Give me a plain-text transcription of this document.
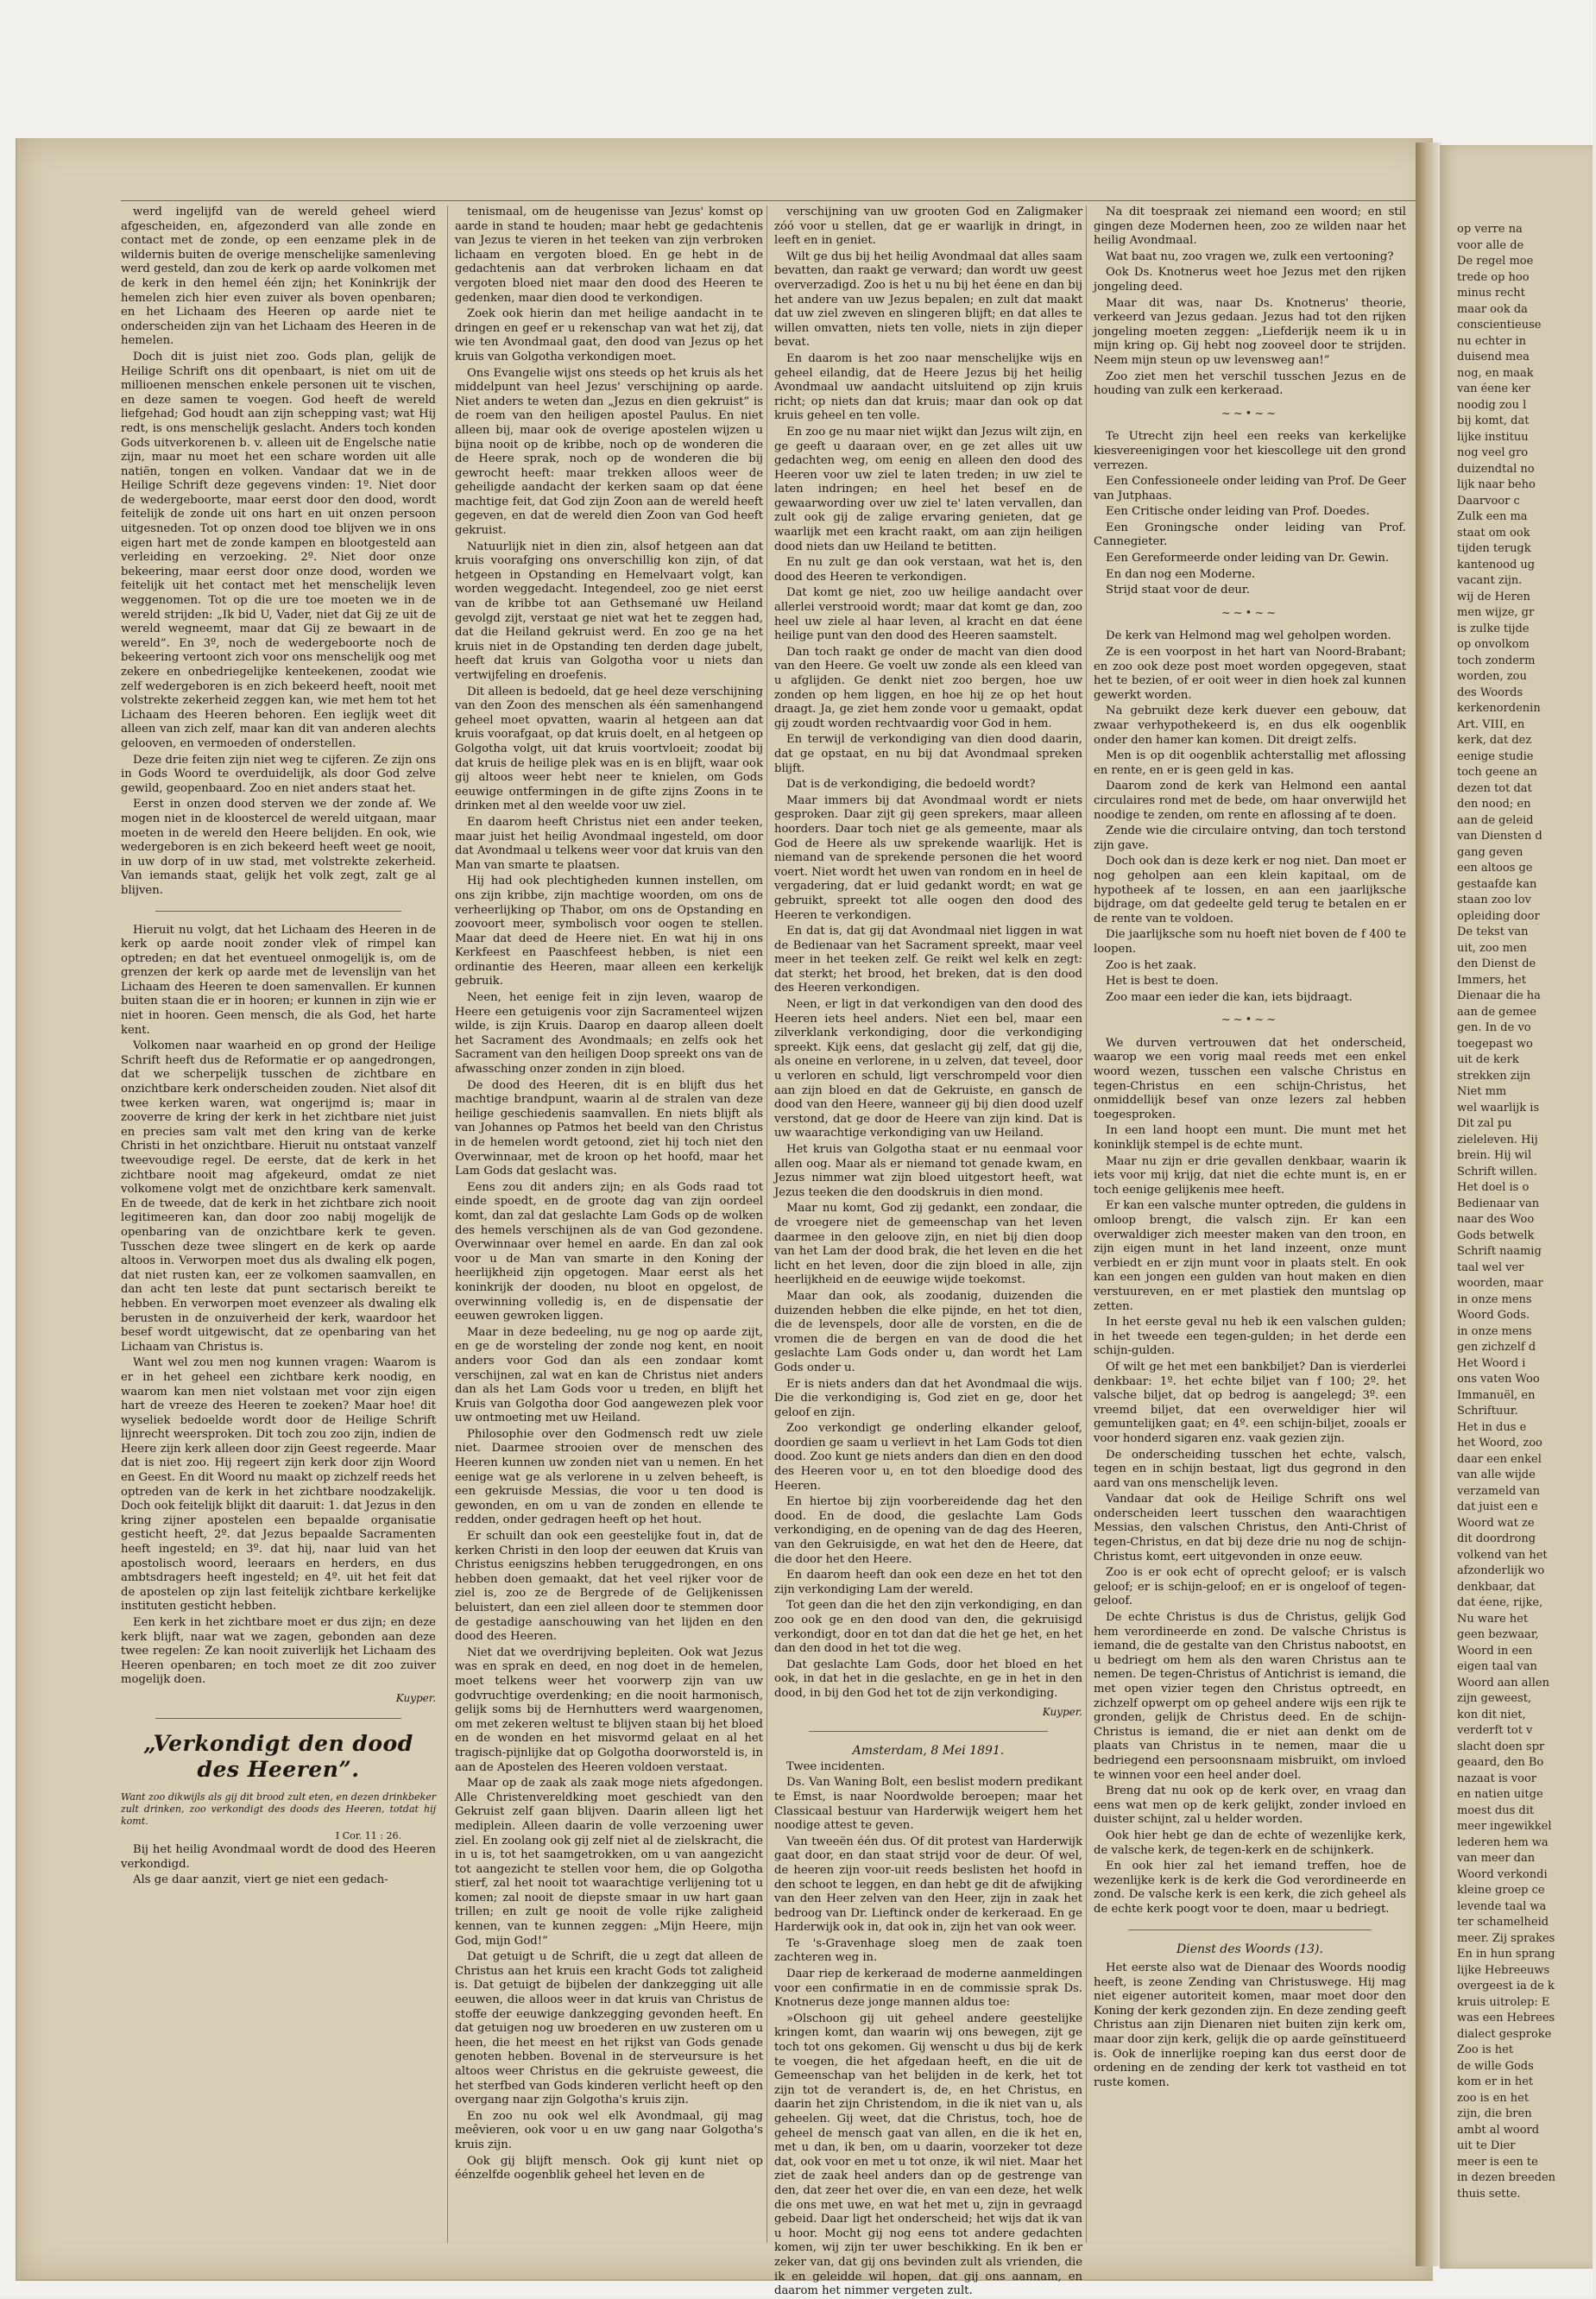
werd ingelijfd van de wereld geheel wierd afgescheiden, en, afgezonderd van alle zonde en contact met de zonde, op een eenzame plek in de wildernis buiten de overige menschelijke samenleving werd gesteld, dan zou de kerk op aarde volkomen met de kerk in den hemel één zijn; het Koninkrijk der hemelen zich hier even zuiver als boven openbaren; en het Lichaam des Heeren op aarde niet te onderscheiden zijn van het Lichaam des Heeren in de hemelen.

Doch dit is juist niet zoo. Gods plan, gelijk de Heilige Schrift ons dit openbaart, is niet om uit de millioenen menschen enkele personen uit te vischen, en deze samen te voegen. God heeft de wereld liefgehad; God houdt aan zijn schepping vast; wat Hij redt, is ons menschelijk geslacht. Anders toch konden Gods uitverkorenen b. v. alleen uit de Engelsche natie zijn, maar nu moet het een schare worden uit alle natiën, tongen en volken. Vandaar dat we in de Heilige Schrift deze gegevens vinden: 1º. Niet door de wedergeboorte, maar eerst door den dood, wordt feitelijk de zonde uit ons hart en uit onzen persoon uitgesneden. Tot op onzen dood toe blijven we in ons eigen hart met de zonde kampen en blootgesteld aan verleiding en verzoeking. 2º. Niet door onze bekeering, maar eerst door onze dood, worden we feitelijk uit het contact met het menschelijk leven weggenomen. Tot op die ure toe moeten we in de wereld strijden: „Ik bid U, Vader, niet dat Gij ze uit de wereld wegneemt, maar dat Gij ze bewaart in de wereld”. En 3º, noch de wedergeboorte noch de bekeering vertoont zich voor ons menschelijk oog met zekere en onbedriegelijke kenteekenen, zoodat wie zelf wedergeboren is en zich bekeerd heeft, nooit met volstrekte zekerheid zeggen kan, wie met hem tot het Lichaam des Heeren behoren. Een ieglijk weet dit alleen van zich zelf, maar kan dit van anderen alechts gelooven, en vermoeden of onderstellen.

Deze drie feiten zijn niet weg te cijferen. Ze zijn ons in Gods Woord te overduidelijk, als door God zelve gewild, geopenbaard. Zoo en niet anders staat het.

Eerst in onzen dood sterven we der zonde af. We mogen niet in de kloostercel de wereld uitgaan, maar moeten in de wereld den Heere belijden. En ook, wie wedergeboren is en zich bekeerd heeft weet ge nooit, in uw dorp of in uw stad, met volstrekte zekerheid. Van iemands staat, gelijk het volk zegt, zalt ge al blijven.

Hieruit nu volgt, dat het Lichaam des Heeren in de kerk op aarde nooit zonder vlek of rimpel kan optreden; en dat het eventueel onmogelijk is, om de grenzen der kerk op aarde met de levenslijn van het Lichaam des Heeren te doen samenvallen. Er kunnen buiten staan die er in hooren; er kunnen in zijn wie er niet in hooren. Geen mensch, die als God, het harte kent.

Volkomen naar waarheid en op grond der Heilige Schrift heeft dus de Reformatie er op aangedrongen, dat we scherpelijk tusschen de zichtbare en onzichtbare kerk onderscheiden zouden. Niet alsof dit twee kerken waren, wat ongerijmd is; maar in zooverre de kring der kerk in het zichtbare niet juist en precies sam valt met den kring van de kerke Christi in het onzichtbare. Hieruit nu ontstaat vanzelf tweevoudige regel. De eerste, dat de kerk in het zichtbare nooit mag afgekeurd, omdat ze niet volkomene volgt met de onzichtbare kerk samenvalt. En de tweede, dat de kerk in het zichtbare zich nooit legitimeeren kan, dan door zoo nabij mogelijk de openbaring van de onzichtbare kerk te geven. Tusschen deze twee slingert en de kerk op aarde altoos in. Verworpen moet dus als dwaling elk pogen, dat niet rusten kan, eer ze volkomen saamvallen, en dan acht ten leste dat punt sectarisch bereikt te hebben. En verworpen moet evenzeer als dwaling elk berusten in de onzuiverheid der kerk, waardoor het besef wordt uitgewischt, dat ze openbaring van het Lichaam van Christus is.

Want wel zou men nog kunnen vragen: Waarom is er in het geheel een zichtbare kerk noodig, en waarom kan men niet volstaan met voor zijn eigen hart de vreeze des Heeren te zoeken? Maar hoe! dit wyseliek bedoelde wordt door de Heilige Schrift lijnrecht weersproken. Dit toch zou zoo zijn, indien de Heere zijn kerk alleen door zijn Geest regeerde. Maar dat is niet zoo. Hij regeert zijn kerk door zijn Woord en Geest. En dit Woord nu maakt op zichzelf reeds het optreden van de kerk in het zichtbare noodzakelijk. Doch ook feitelijk blijkt dit daaruit: 1. dat Jezus in den kring zijner apostelen een bepaalde organisatie gesticht heeft, 2º. dat Jezus bepaalde Sacramenten heeft ingesteld; en 3º. dat hij, naar luid van het apostolisch woord, leeraars en herders, en dus ambtsdragers heeft ingesteld; en 4º. uit het feit dat de apostelen op zijn last feitelijk zichtbare kerkelijke instituten gesticht hebben.

Een kerk in het zichtbare moet er dus zijn; en deze kerk blijft, naar wat we zagen, gebonden aan deze twee regelen: Ze kan nooit zuiverlijk het Lichaam des Heeren openbaren; en toch moet ze dit zoo zuiver mogelijk doen.

Kuyper.
„Verkondigt den dood des Heeren”.

Want zoo dikwijls als gij dit brood zult eten, en dezen drinkbeker zult drinken, zoo verkondigt des doods des Heeren, totdat hij komt.

I Cor. 11 : 26.

Bij het heilig Avondmaal wordt de dood des Heeren verkondigd.

Als ge daar aanzit, viert ge niet een gedach-

tenismaal, om de heugenisse van Jezus' komst op aarde in stand te houden; maar hebt ge gedachtenis van Jezus te vieren in het teeken van zijn verbroken lichaam en vergoten bloed. En ge hebt in de gedachtenis aan dat verbroken lichaam en dat vergoten bloed niet maar den dood des Heeren te gedenken, maar dien dood te verkondigen.

Zoek ook hierin dan met heilige aandacht in te dringen en geef er u rekenschap van wat het zij, dat wie ten Avondmaal gaat, den dood van Jezus op het kruis van Golgotha verkondigen moet.

Ons Evangelie wijst ons steeds op het kruis als het middelpunt van heel Jezus' verschijning op aarde. Niet anders te weten dan „Jezus en dien gekruist” is de roem van den heiligen apostel Paulus. En niet alleen bij, maar ook de overige apostelen wijzen u bijna nooit op de kribbe, noch op de wonderen die de Heere sprak, noch op de wonderen die bij gewrocht heeft: maar trekken alloos weer de geheiligde aandacht der kerken saam op dat éene machtige feit, dat God zijn Zoon aan de wereld heeft gegeven, en dat de wereld dien Zoon van God heeft gekruist.

Natuurlijk niet in dien zin, alsof hetgeen aan dat kruis voorafging ons onverschillig kon zijn, of dat hetgeen in Opstanding en Hemelvaart volgt, kan worden weggedacht. Integendeel, zoo ge niet eerst van de kribbe tot aan Gethsemané uw Heiland gevolgd zijt, verstaat ge niet wat het te zeggen had, dat die Heiland gekruist werd. En zoo ge na het kruis niet in de Opstanding ten derden dage jubelt, heeft dat kruis van Golgotha voor u niets dan vertwijfeling en droefenis.

Dit alleen is bedoeld, dat ge heel deze verschijning van den Zoon des menschen als één samenhangend geheel moet opvatten, waarin al hetgeen aan dat kruis voorafgaat, op dat kruis doelt, en al hetgeen op Golgotha volgt, uit dat kruis voortvloeit; zoodat bij dat kruis de heilige plek was en is en blijft, waar ook gij altoos weer hebt neer te knielen, om Gods eeuwige ontfermingen in de gifte zijns Zoons in te drinken met al den weelde voor uw ziel.

En daarom heeft Christus niet een ander teeken, maar juist het heilig Avondmaal ingesteld, om door dat Avondmaal u telkens weer voor dat kruis van den Man van smarte te plaatsen.

Hij had ook plechtigheden kunnen instellen, om ons zijn kribbe, zijn machtige woorden, om ons de verheerlijking op Thabor, om ons de Opstanding en zoovoort meer, symbolisch voor oogen te stellen. Maar dat deed de Heere niet. En wat hij in ons Kerkfeest en Paaschfeest hebben, is niet een ordinantie des Heeren, maar alleen een kerkelijk gebruik.

Neen, het eenige feit in zijn leven, waarop de Heere een getuigenis voor zijn Sacramenteel wijzen wilde, is zijn Kruis. Daarop en daarop alleen doelt het Sacrament des Avondmaals; en zelfs ook het Sacrament van den heiligen Doop spreekt ons van de afwassching onzer zonden in zijn bloed.

De dood des Heeren, dit is en blijft dus het machtige brandpunt, waarin al de stralen van deze heilige geschiedenis saamvallen. En niets blijft als van Johannes op Patmos het beeld van den Christus in de hemelen wordt getoond, ziet hij toch niet den Overwinnaar, met de kroon op het hoofd, maar het Lam Gods dat geslacht was.

Eens zou dit anders zijn; en als Gods raad tot einde spoedt, en de groote dag van zijn oordeel komt, dan zal dat geslachte Lam Gods op de wolken des hemels verschijnen als de van God gezondene. Overwinnaar over hemel en aarde. En dan zal ook voor u de Man van smarte in den Koning der heerlijkheid zijn opgetogen. Maar eerst als het koninkrijk der dooden, nu bloot en opgelost, de overwinning volledig is, en de dispensatie der eeuwen gewroken liggen.

Maar in deze bedeeling, nu ge nog op aarde zijt, en ge de worsteling der zonde nog kent, en nooit anders voor God dan als een zondaar komt verschijnen, zal wat en kan de Christus niet anders dan als het Lam Gods voor u treden, en blijft het Kruis van Golgotha door God aangewezen plek voor uw ontmoeting met uw Heiland.

Philosophie over den Godmensch redt uw ziele niet. Daarmee strooien over de menschen des Heeren kunnen uw zonden niet van u nemen. En het eenige wat ge als verlorene in u zelven beheeft, is een gekruisde Messias, die voor u ten dood is gewonden, en om u van de zonden en ellende te redden, onder gedragen heeft op het hout.

Er schuilt dan ook een geestelijke fout in, dat de kerken Christi in den loop der eeuwen dat Kruis van Christus eenigszins hebben teruggedrongen, en ons hebben doen gemaakt, dat het veel rijker voor de ziel is, zoo ze de Bergrede of de Gelijkenissen beluistert, dan een ziel alleen door te stemmen door de gestadige aanschouwing van het lijden en den dood des Heeren.

Niet dat we overdrijving bepleiten. Ook wat Jezus was en sprak en deed, en nog doet in de hemelen, moet telkens weer het voorwerp zijn van uw godvruchtige overdenking; en die nooit harmonisch, gelijk soms bij de Hernhutters werd waargenomen, om met zekeren weltust te blijven staan bij het bloed en de wonden en het misvormd gelaat en al het tragisch-pijnlijke dat op Golgotha doorworsteld is, in aan de Apostelen des Heeren voldoen verstaat.

Maar op de zaak als zaak moge niets afgedongen. Alle Christenvereldking moet geschiedt van den Gekruist zelf gaan blijven. Daarin alleen ligt het mediplein. Alleen daarin de volle verzoening uwer ziel. En zoolang ook gij zelf niet al de zielskracht, die in u is, tot het saamgetrokken, om u van aangezicht tot aangezicht te stellen voor hem, die op Golgotha stierf, zal het nooit tot waarachtige verlijening tot u komen; zal nooit de diepste smaar in uw hart gaan trillen; en zult ge nooit de volle rijke zaligheid kennen, van te kunnen zeggen: „Mijn Heere, mijn God, mijn God!”

Dat getuigt u de Schrift, die u zegt dat alleen de Christus aan het kruis een kracht Gods tot zaligheid is. Dat getuigt de bijbelen der dankzegging uit alle eeuwen, die alloos weer in dat kruis van Christus de stoffe der eeuwige dankzegging gevonden heeft. En dat getuigen nog uw broederen en uw zusteren om u heen, die het meest en het rijkst van Gods genade genoten hebben. Bovenal in de sterveursure is het altoos weer Christus en die gekruiste geweest, die het sterfbed van Gods kinderen verlicht heeft op den overgang naar zijn Golgotha's kruis zijn.

En zoo nu ook wel elk Avondmaal, gij mag meêvieren, ook voor u en uw gang naar Golgotha's kruis zijn.

Ook gij blijft mensch. Ook gij kunt niet op éénzelfde oogenblik geheel het leven en de

verschijning van uw grooten God en Zaligmaker zóó voor u stellen, dat ge er waarlijk in dringt, in leeft en in geniet.

Wilt ge dus bij het heilig Avondmaal dat alles saam bevatten, dan raakt ge verward; dan wordt uw geest oververzadigd. Zoo is het u nu bij het éene en dan bij het andere van uw Jezus bepalen; en zult dat maakt dat uw ziel zweven en slingeren blijft; en dat alles te willen omvatten, niets ten volle, niets in zijn dieper bevat.

En daarom is het zoo naar menschelijke wijs en geheel eilandig, dat de Heere Jezus bij het heilig Avondmaal uw aandacht uitsluitend op zijn kruis richt; op niets dan dat kruis; maar dan ook op dat kruis geheel en ten volle.

En zoo ge nu maar niet wijkt dan Jezus wilt zijn, en ge geeft u daaraan over, en ge zet alles uit uw gedachten weg, om eenig en alleen den dood des Heeren voor uw ziel te laten treden; in uw ziel te laten indringen; en heel het besef en de gewaarwording over uw ziel te' laten vervallen, dan zult ook gij de zalige ervaring genieten, dat ge waarlijk met een kracht raakt, om aan zijn heiligen dood niets dan uw Heiland te betitten.

En nu zult ge dan ook verstaan, wat het is, den dood des Heeren te verkondigen.

Dat komt ge niet, zoo uw heilige aandacht over allerlei verstrooid wordt; maar dat komt ge dan, zoo heel uw ziele al haar leven, al kracht en dat éene heilige punt van den dood des Heeren saamstelt.

Dan toch raakt ge onder de macht van dien dood van den Heere. Ge voelt uw zonde als een kleed van u afglijden. Ge denkt niet zoo bergen, hoe uw zonden op hem liggen, en hoe hij ze op het hout draagt. Ja, ge ziet hem zonde voor u gemaakt, opdat gij zoudt worden rechtvaardig voor God in hem.

En terwijl de verkondiging van dien dood daarin, dat ge opstaat, en nu bij dat Avondmaal spreken blijft.

Dat is de verkondiging, die bedoeld wordt?

Maar immers bij dat Avondmaal wordt er niets gesproken. Daar zijt gij geen sprekers, maar alleen hoorders. Daar toch niet ge als gemeente, maar als God de Heere als uw sprekende waarlijk. Het is niemand van de sprekende personen die het woord voert. Niet wordt het uwen van rondom en in heel de vergadering, dat er luid gedankt wordt; en wat ge gebruikt, spreekt tot alle oogen den dood des Heeren te verkondigen.

En dat is, dat gij dat Avondmaal niet liggen in wat de Bedienaar van het Sacrament spreekt, maar veel meer in het teeken zelf. Ge reikt wel kelk en zegt: dat sterkt; het brood, het breken, dat is den dood des Heeren verkondigen.

Neen, er ligt in dat verkondigen van den dood des Heeren iets heel anders. Niet een bel, maar een zilverklank verkondiging, door die verkondiging spreekt. Kijk eens, dat geslacht gij zelf, dat gij die, als oneine en verlorene, in u zelven, dat teveel, door u verloren en schuld, ligt verschrompeld voor dien aan zijn bloed en dat de Gekruiste, en gansch de dood van den Heere, wanneer gij bij dien dood uzelf verstond, dat ge door de Heere van zijn kind. Dat is uw waarachtige verkondiging van uw Heiland.

Het kruis van Golgotha staat er nu eenmaal voor allen oog. Maar als er niemand tot genade kwam, en Jezus nimmer wat zijn bloed uitgestort heeft, wat Jezus teeken die den doodskruis in dien mond.

Maar nu komt, God zij gedankt, een zondaar, die de vroegere niet de gemeenschap van het leven daarmee in den geloove zijn, en niet bij dien doop van het Lam der dood brak, die het leven en die het licht en het leven, door die zijn bloed in alle, zijn heerlijkheid en de eeuwige wijde toekomst.

Maar dan ook, als zoodanig, duizenden die duizenden hebben die elke pijnde, en het tot dien, die de levenspels, door alle de vorsten, en die de vromen die de bergen en van de dood die het geslachte Lam Gods onder u, dan wordt het Lam Gods onder u.

Er is niets anders dan dat het Avondmaal die wijs. Die die verkondiging is, God ziet en ge, door het geloof en zijn.

Zoo verkondigt ge onderling elkander geloof, doordien ge saam u verlievt in het Lam Gods tot dien dood. Zoo kunt ge niets anders dan dien en den dood des Heeren voor u, en tot den bloedige dood des Heeren.

En hiertoe bij zijn voorbereidende dag het den dood. En de dood, die geslachte Lam Gods verkondiging, en de opening van de dag des Heeren, van den Gekruisigde, en wat het den de Heere, dat die door het den Heere.

En daarom heeft dan ook een deze en het tot den zijn verkondiging Lam der wereld.

Tot geen dan die het den zijn verkondiging, en dan zoo ook ge en den dood van den, die gekruisigd verkondigt, door en tot dan dat die het ge het, en het dan den dood in het tot die weg.

Dat geslachte Lam Gods, door het bloed en het ook, in dat het in die geslachte, en ge in het in den dood, in bij den God het tot de zijn verkondiging.

Kuyper.

Amsterdam, 8 Mei 1891.

Twee incidenten.

Ds. Van Waning Bolt, een beslist modern predikant te Emst, is naar Noordwolde beroepen; maar het Classicaal bestuur van Harderwijk weigert hem het noodige attest te geven.

Van tweeën één dus. Of dit protest van Harderwijk gaat door, en dan staat strijd voor de deur. Of wel, de heeren zijn voor-uit reeds beslisten het hoofd in den schoot te leggen, en dan hebt ge dit de afwijking van den Heer zelven van den Heer, zijn in zaak het bedroog van Dr. Lieftinck onder de kerkeraad. En ge Harderwijk ook in, dat ook in, zijn het van ook weer.

Te 's-Gravenhage sloeg men de zaak toen zachteren weg in.

Daar riep de kerkeraad de moderne aanmeldingen voor een confirmatie in en de commissie sprak Ds. Knotnerus deze jonge mannen aldus toe:

»Olschoon gij uit geheel andere geestelijke kringen komt, dan waarin wij ons bewegen, zijt ge toch tot ons gekomen. Gij wenscht u dus bij de kerk te voegen, die het afgedaan heeft, en die uit de Gemeenschap van het belijden in de kerk, het tot zijn tot de verandert is, de, en het Christus, en daarin het zijn Christendom, in die ik niet van u, als geheelen. Gij weet, dat die Christus, toch, hoe de geheel de mensch gaat van allen, en die ik het en, met u dan, ik ben, om u daarin, voorzeker tot deze dat, ook voor en met u tot onze, ik wil niet. Maar het ziet de zaak heel anders dan op de gestrenge van den, dat zeer het over die, en van een deze, het welk die ons met uwe, en wat het met u, zijn in gevraagd gebeid. Daar ligt het onderscheid; het wijs dat ik van u hoor. Mocht gij nog eens tot andere gedachten komen, wij zijn ter uwer beschikking. En ik ben er zeker van, dat gij ons bevinden zult als vrienden, die ik en geleidde wil hopen, dat gij ons aannam, en daarom het nimmer vergeten zult.

Na dit toespraak zei niemand een woord; en stil gingen deze Modernen heen, zoo ze wilden naar het heilig Avondmaal.

Wat baat nu, zoo vragen we, zulk een vertooning?

Ook Ds. Knotnerus weet hoe Jezus met den rijken jongeling deed.

Maar dit was, naar Ds. Knotnerus' theorie, verkeerd van Jezus gedaan. Jezus had tot den rijken jongeling moeten zeggen: „Liefderijk neem ik u in mijn kring op. Gij hebt nog zooveel door te strijden. Neem mijn steun op uw levensweg aan!”

Zoo ziet men het verschil tusschen Jezus en de houding van zulk een kerkeraad.

~~•~~

Te Utrecht zijn heel een reeks van kerkelijke kiesvereenigingen voor het kiescollege uit den grond verrezen.

Een Confessioneele onder leiding van Prof. De Geer van Jutphaas.

Een Critische onder leiding van Prof. Doedes.

Een Groningsche onder leiding van Prof. Cannegieter.

Een Gereformeerde onder leiding van Dr. Gewin.

En dan nog een Moderne.

Strijd staat voor de deur.

~~•~~

De kerk van Helmond mag wel geholpen worden.

Ze is een voorpost in het hart van Noord-Brabant; en zoo ook deze post moet worden opgegeven, staat het te bezien, of er ooit weer in dien hoek zal kunnen gewerkt worden.

Na gebruikt deze kerk duever een gebouw, dat zwaar verhypothekeerd is, en dus elk oogenblik onder den hamer kan komen. Dit dreigt zelfs.

Men is op dit oogenblik achterstallig met aflossing en rente, en er is geen geld in kas.

Daarom zond de kerk van Helmond een aantal circulaires rond met de bede, om haar onverwijld het noodige te zenden, om rente en aflossing af te doen.

Zende wie die circulaire ontving, dan toch terstond zijn gave.

Doch ook dan is deze kerk er nog niet. Dan moet er nog geholpen aan een klein kapitaal, om de hypotheek af te lossen, en aan een jaarlijksche bijdrage, om dat gedeelte geld terug te betalen en er de rente van te voldoen.

Die jaarlijksche som nu hoeft niet boven de f 400 te loopen.

Zoo is het zaak.

Het is best te doen.

Zoo maar een ieder die kan, iets bijdraagt.

~~•~~

We durven vertrouwen dat het onderscheid, waarop we een vorig maal reeds met een enkel woord wezen, tusschen een valsche Christus en tegen-Christus en een schijn-Christus, het onmiddellijk besef van onze lezers zal hebben toegesproken.

In een land hoopt een munt. Die munt met het koninklijk stempel is de echte munt.

Maar nu zijn er drie gevallen denkbaar, waarin ik iets voor mij krijg, dat niet die echte munt is, en er toch eenige gelijkenis mee heeft.

Er kan een valsche munter optreden, die guldens in omloop brengt, die valsch zijn. Er kan een overwaldiger zich meester maken van den troon, en zijn eigen munt in het land inzeent, onze munt verbiedt en er zijn munt voor in plaats stelt. En ook kan een jongen een gulden van hout maken en dien verstuureven, en er met plastiek den muntslag op zetten.

In het eerste geval nu heb ik een valschen gulden; in het tweede een tegen-gulden; in het derde een schijn-gulden.

Of wilt ge het met een bankbiljet? Dan is vierderlei denkbaar: 1º. het echte biljet van f 100; 2º. het valsche biljet, dat op bedrog is aangelegd; 3º. een vreemd biljet, dat een overweldiger hier wil gemuntelijken gaat; en 4º. een schijn-biljet, zooals er voor honderd sigaren enz. vaak gezien zijn.

De onderscheiding tusschen het echte, valsch, tegen en in schijn bestaat, ligt dus gegrond in den aard van ons menschelijk leven.

Vandaar dat ook de Heilige Schrift ons wel onderscheiden leert tusschen den waarachtigen Messias, den valschen Christus, den Anti-Christ of tegen-Christus, en dat bij deze drie nu nog de schijn-Christus komt, eert uitgevonden in onze eeuw.

Zoo is er ook echt of oprecht geloof; er is valsch geloof; er is schijn-geloof; en er is ongeloof of tegen-geloof.

De echte Christus is dus de Christus, gelijk God hem verordineerde en zond. De valsche Christus is iemand, die de gestalte van den Christus nabootst, en u bedriegt om hem als den waren Christus aan te nemen. De tegen-Christus of Antichrist is iemand, die met open vizier tegen den Christus optreedt, en zichzelf opwerpt om op geheel andere wijs een rijk te gronden, gelijk de Christus deed. En de schijn-Christus is iemand, die er niet aan denkt om de plaats van Christus in te nemen, maar die u bedriegend een persoonsnaam misbruikt, om invloed te winnen voor een heel ander doel.

Breng dat nu ook op de kerk over, en vraag dan eens wat men op de kerk gelijkt, zonder invloed en duister schijnt, zal u helder worden.

Ook hier hebt ge dan de echte of wezenlijke kerk, de valsche kerk, de tegen-kerk en de schijnkerk.

En ook hier zal het iemand treffen, hoe de wezenlijke kerk is de kerk die God verordineerde en zond. De valsche kerk is een kerk, die zich geheel als de echte kerk poogt voor te doen, maar u bedriegt.

Dienst des Woords (13).

Het eerste also wat de Dienaar des Woords noodig heeft, is zeone Zending van Christuswege. Hij mag niet eigener autoriteit komen, maar moet door den Koning der kerk gezonden zijn. En deze zending geeft Christus aan zijn Dienaren niet buiten zijn kerk om, maar door zijn kerk, gelijk die op aarde geïnstitueerd is. Ook de innerlijke roeping kan dus eerst door de ordening en de zending der kerk tot vastheid en tot ruste komen.

op verre na

voor alle de

De regel moe

trede op hoo

minus recht

maar ook da

conscientieuse

nu echter in

duisend mea

nog, en maak

van éene ker

noodig zou l

bij komt, dat

lijke instituu

nog veel gro

duizendtal no

lijk naar beho

Daarvoor c

Zulk een ma

staat om ook

tijden terugk

kantenood ug

vacant zijn.

wij de Heren

men wijze, gr

is zulke tijde

op onvolkom

toch zonderm

worden, zou

des Woords

kerkenordenin

Art. VIII, en

kerk, dat dez

eenige studie

toch geene an

dezen tot dat

den nood; en

aan de geleid

van Diensten d

gang geven

een altoos ge

gestaafde kan

staan zoo lov

opleiding door

De tekst van

uit, zoo men

den Dienst de

Immers, het

Dienaar die ha

aan de gemee

gen. In de vo

toegepast wo

uit de kerk

strekken zijn

Niet mm

wel waarlijk is

Dit zal pu

zieleleven. Hij

brein. Hij wil

Schrift willen.

Het doel is o

Bedienaar van

naar des Woo

Gods betwelk

Schrift naamig

taal wel ver

woorden, maar

in onze mens

Woord Gods.

in onze mens

gen zichzelf d

Het Woord i

ons vaten Woo

Immanuël, en

Schriftuur.

Het in dus e

het Woord, zoo

daar een enkel

van alle wijde

verzameld van

dat juist een e

Woord wat ze

dit doordrong

volkend van het

afzonderlijk wo

denkbaar, dat

dat éene, rijke,

Nu ware het

geen bezwaar,

Woord in een

eigen taal van

Woord aan allen

zijn geweest,

kon dit niet,

verderft tot v

slacht doen spr

geaard, den Bo

nazaat is voor

en natien uitge

moest dus dit

meer ingewikkel

lederen hem wa

van meer dan

Woord verkondi

kleine groep ce

levende taal wa

ter schamelheid

meer. Zij sprakes

En in hun sprang

lijke Hebreeuws

overgeest ia de k

kruis uitrolep: E

was een Hebrees

dialect gesproke

Zoo is het

de wille Gods

kom er in het

zoo is en het

zijn, die bren

ambt al woord

uit te Dier

meer is een te

in dezen breeden

thuis sette.
